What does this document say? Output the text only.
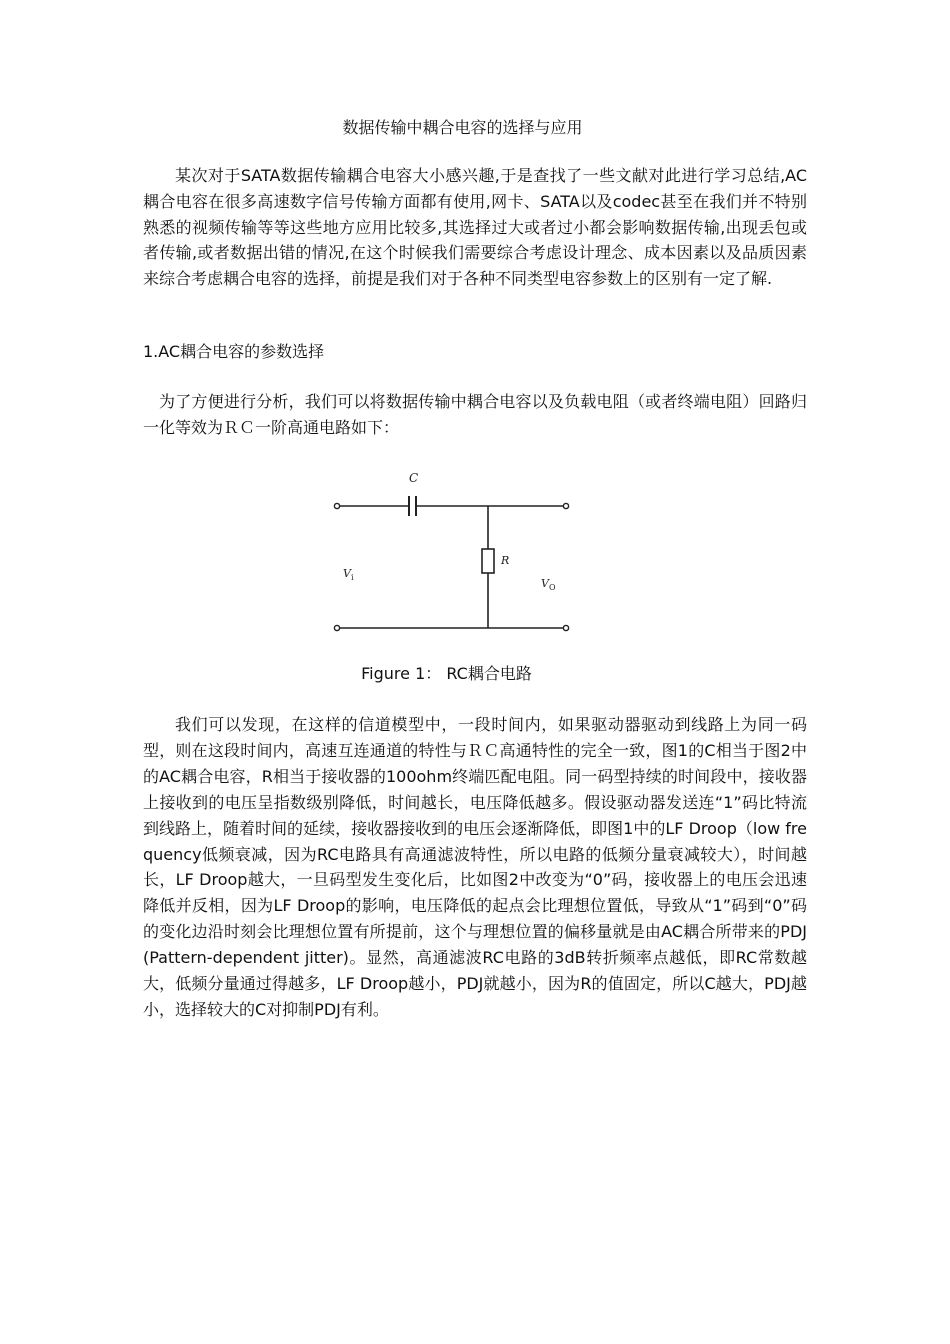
数据传输中耦合电容的选择与应用
某次对于SATA数据传输耦合电容大小感兴趣,于是查找了一些文献对此进行学习总结,AC 耦合电容在很多高速数字信号传输方面都有使用,网卡、SATA以及codec甚至在我们并不特别熟悉的视频传输等等这些地方应用比较多,其选择过大或者过小都会影响数据传输,出现丢包或者传输,或者数据出错的情况,在这个时候我们需要综合考虑设计理念、成本因素以及品质因素来综合考虑耦合电容的选择，前提是我们对于各种不同类型电容参数上的区别有一定了解.
1.AC耦合电容的参数选择
为了方便进行分析，我们可以将数据传输中耦合电容以及负载电阻（或者终端电阻）回路归一化等效为ＲＣ一阶高通电路如下：
C
R
V i	V O
Figure 1： RC耦合电路
我们可以发现，在这样的信道模型中，一段时间内，如果驱动器驱动到线路上为同一码型，则在这段时间内，高速互连通道的特性与ＲＣ高通特性的完全一致，图1的C相当于图2中的AC耦合电容，R相当于接收器的100ohm终端匹配电阻。同一码型持续的时间段中，接收器上接收到的电压呈指数级别降低，时间越长，电压降低越多。假设驱动器发送连“1”码比特流到线路上，随着时间的延续，接收器接收到的电压会逐渐降低，即图1中的LF Droop（low frequency低频衰减，因为RC电路具有高通滤波特性，所以电路的低频分量衰减较大），时间越长，LF Droop越大，一旦码型发生变化后，比如图2中改变为“0”码，接收器上的电压会迅速降低并反相，因为LF Droop的影响，电压降低的起点会比理想位置低，导致从“1”码到“0”码的变化边沿时刻会比理想位置有所提前，这个与理想位置的偏移量就是由AC耦合所带来的PDJ(Pattern-dependent jitter)。显然，高通滤波RC电路的3dB转折频率点越低，即RC常数越大，低频分量通过得越多，LF Droop越小，PDJ就越小，因为R的值固定，所以C越大，PDJ越小，选择较大的C对抑制PDJ有利。
